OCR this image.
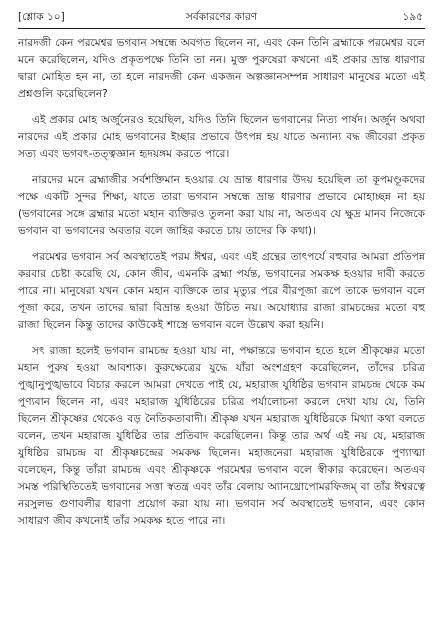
[শ্লোক ১০]	সর্বকারণের কারণ	১৯৫

নারদজী কেন পরমেশ্বর ভগবান সম্বন্ধে অবগত ছিলেন না, এবং কেন তিনি ব্রহ্মাকে পরমেশ্বর বলে মনে করেছিলেন, যদিও প্রকৃতপক্ষে তিনি তা নন। মুক্ত পুরুষেরা কখনো এই প্রকার ভ্রান্ত ধারণার দ্বারা মোহিত হন না, তা হলে নারদজী কেন একজন অল্পজ্ঞানসম্পন্ন সাধারণ মানুষের মতো এই প্রশ্নগুলি করেছিলেন?

এই প্রকার মোহ অর্জুনেরও হয়েছিল, যদিও তিনি ছিলেন ভগবানের নিত্য পার্ষদ। অর্জুন অথবা নারদের এই প্রকার মোহ ভগবানের ইচ্ছার প্রভাবে উৎপন্ন হয় যাতে অন্যান্য বদ্ধ জীবেরা প্রকৃত সত্য এবং ভগবৎ-তত্ত্বজ্ঞান হৃদয়ঙ্গম করতে পারে।

নারদের মনে ব্রহ্মাজীর সর্বশক্তিমান হওয়ার যে ভ্রান্ত ধারণার উদয় হয়েছিল তা কূপমণ্ডূকদের পক্ষে একটি সুন্দর শিক্ষা, যাতে তারা ভগবান সম্বন্ধে ভ্রান্ত ধারণার প্রভাবে মোহাচ্ছন্ন না হয় (ভগবানের সঙ্গে ব্রহ্মার মতো মহান ব্যক্তিরও তুলনা করা যায় না, অতএব যে ক্ষুদ্র মানব নিজেকে ভগবান বা ভগবানের অবতার বলে জাহির করতে চায় তাদের কি কথা)।

পরমেশ্বর ভগবান সর্ব অবস্থাতেই পরম ঈশ্বর, এবং এই গ্রন্থের তাৎপর্যে বহুবার আমরা প্রতিপন্ন করবার চেষ্টা করেছি যে, কোন জীব, এমনকি ব্রহ্মা পর্যন্ত, ভগবানের সমকক্ষ হওয়ার দাবী করতে পারে না। মানুষেরা যখন কোন মহান ব্যক্তিকে তার মৃত্যুর পরে বীরপূজা রূপে তাকে ভগবান বলে পূজা করে, তখন তাদের দ্বারা বিভ্রান্ত হওয়া উচিত নয়। অযোধ্যার রাজা রামচন্দ্রের মতো বহু রাজা ছিলেন কিন্তু তাদের কাউকেই শাস্ত্রে ভগবান বলে উল্লেখ করা হয়নি।

সৎ রাজা হলেই ভগবান রামচন্দ্র হওয়া যায় না, পক্ষান্তরে ভগবান হতে হলে শ্রীকৃষ্ণের মতো মহান পুরুষ হওয়া আবশ্যক। কুরুক্ষেত্রের যুদ্ধে যাঁরা অংশগ্রহণ করেছিলেন, তাঁদের চরিত্র পুঙ্খানুপুঙ্খভাবে বিচার করলে আমরা দেখতে পাই যে, মহারাজ যুধিষ্ঠির ভগবান রামচন্দ্র থেকে কম পুণ্যবান ছিলেন না, এবং মহারাজ যুধিষ্ঠিরের চরিত্র পর্যালোচনা করলে দেখা যায় যে, তিনি ছিলেন শ্রীকৃষ্ণের থেকেও বড় নৈতিকতাবাদী। শ্রীকৃষ্ণ যখন মহারাজ যুধিষ্ঠিরকে মিথ্যা কথা বলতে বলেন, তখন মহারাজ যুধিষ্ঠির তার প্রতিবাদ করেছিলেন। কিন্তু তার অর্থ এই নয় যে, মহারাজ যুধিষ্ঠির রামচন্দ্র বা শ্রীকৃষ্ণচন্দ্রের সমকক্ষ ছিলেন। মহাজনেরা মহারাজ যুধিষ্ঠিরকে পুণ্যাত্মা বলেছেন, কিন্তু তাঁরা রামচন্দ্র এবং শ্রীকৃষ্ণকে পরমেশ্বর ভগবান বলে স্বীকার করেছেন। অতএব সমস্ত পরিস্থিতিতেই ভগবানের সত্তা স্বতন্ত্র এবং তাঁর বেলায় অ্যানথ্রোপোমরফিজম্‌ বা তাঁর ঈশ্বরত্বে নরসুলভ গুণাবলীর ধারণা প্রয়োগ করা যায় না। ভগবান সর্ব অবস্থাতেই ভগবান, এবং কোন সাধারণ জীব কখনোই তাঁর সমকক্ষ হতে পারে না।
